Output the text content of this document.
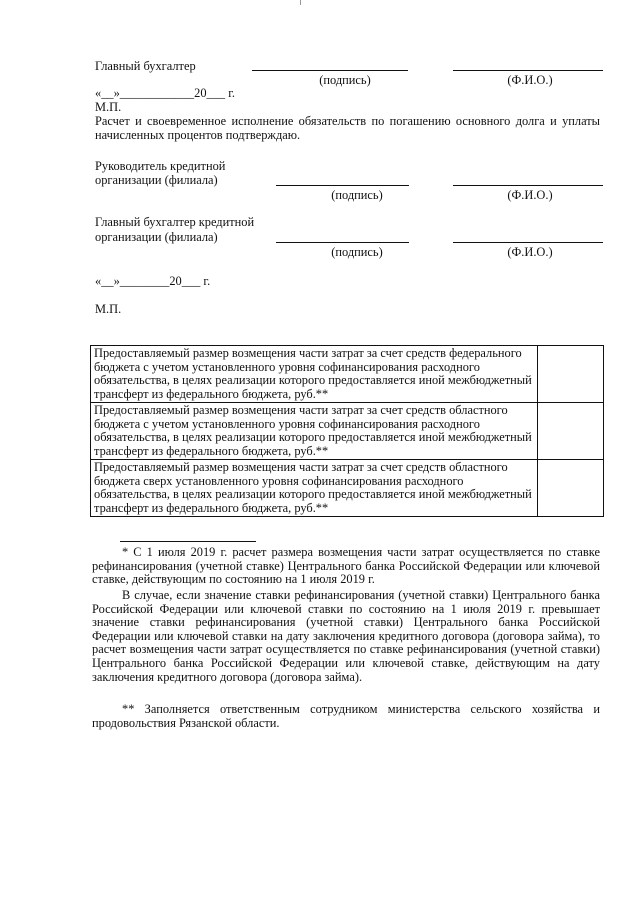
Главный бухгалтер
(подпись)	(Ф.И.О.)
«__»____________20___ г.
М.П.
Расчет и своевременное исполнение обязательств по погашению основного долга и уплаты начисленных процентов подтверждаю.
Руководитель кредитной
организации (филиала)
(подпись)	(Ф.И.О.)
Главный бухгалтер кредитной
организации (филиала)
(подпись)	(Ф.И.О.)
«__»________20___ г.
М.П.
Предоставляемый размер возмещения части затрат за счет средств федерального бюджета с учетом установленного уровня софинансирования расходного обязательства, в целях реализации которого предоставляется иной межбюджетный трансферт из федерального бюджета, руб.**	
Предоставляемый размер возмещения части затрат за счет средств областного бюджета с учетом установленного уровня софинансирования расходного обязательства, в целях реализации которого предоставляется иной межбюджетный трансферт из федерального бюджета, руб.**	
Предоставляемый размер возмещения части затрат за счет средств областного бюджета сверх установленного уровня софинансирования расходного обязательства, в целях реализации которого предоставляется иной межбюджетный трансферт из федерального бюджета, руб.**	
* С 1 июля 2019 г. расчет размера возмещения части затрат осуществляется по ставке рефинансирования (учетной ставке) Центрального банка Российской Федерации или ключевой ставке, действующим по состоянию на 1 июля 2019 г.
В случае, если значение ставки рефинансирования (учетной ставки) Центрального банка Российской Федерации или ключевой ставки по состоянию на 1 июля 2019 г. превышает значение ставки рефинансирования (учетной ставки) Центрального банка Российской Федерации или ключевой ставки на дату заключения кредитного договора (договора займа), то расчет возмещения части затрат осуществляется по ставке рефинансирования (учетной ставки) Центрального банка Российской Федерации или ключевой ставке, действующим на дату заключения кредитного договора (договора займа).
** Заполняется ответственным сотрудником министерства сельского хозяйства и продовольствия Рязанской области.
